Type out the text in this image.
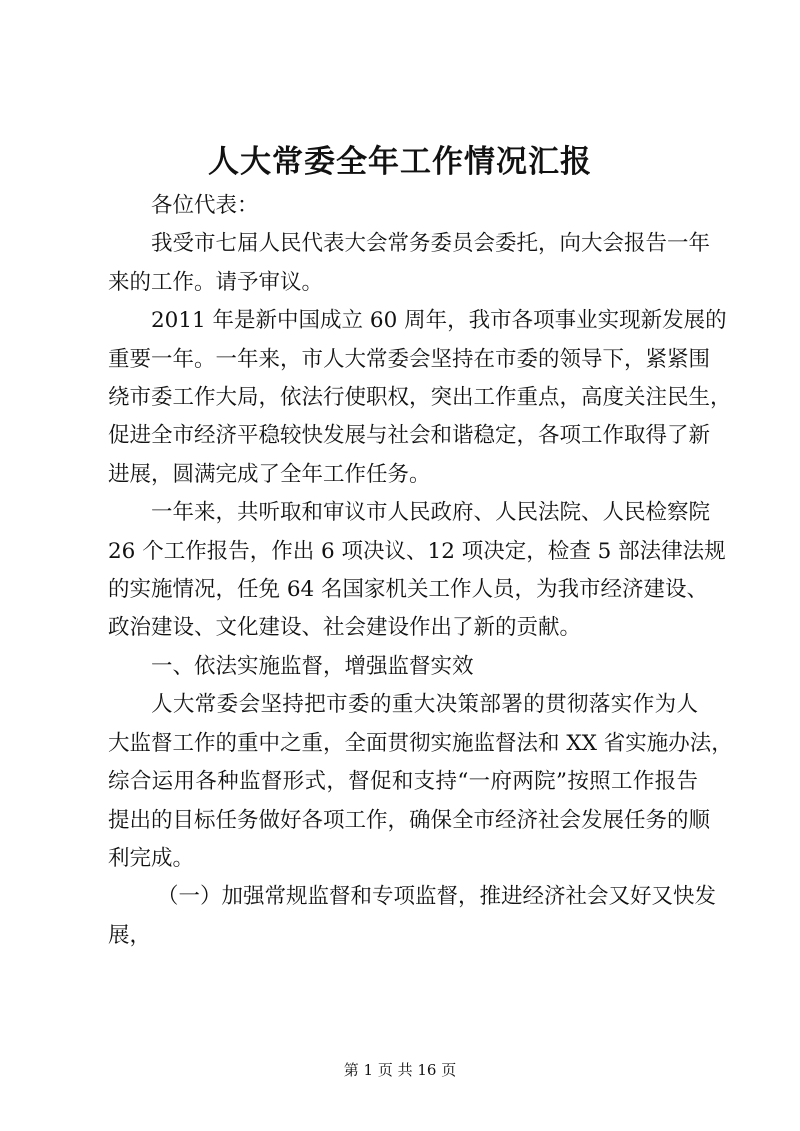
人大常委全年工作情况汇报
各位代表：
我受市七届人民代表大会常务委员会委托，向大会报告一年
来的工作。请予审议。
2011 年是新中国成立 60 周年，我市各项事业实现新发展的
重要一年。一年来，市人大常委会坚持在市委的领导下，紧紧围
绕市委工作大局，依法行使职权，突出工作重点，高度关注民生，
促进全市经济平稳较快发展与社会和谐稳定，各项工作取得了新
进展，圆满完成了全年工作任务。
一年来，共听取和审议市人民政府、人民法院、人民检察院
26 个工作报告，作出 6 项决议、12 项决定，检查 5 部法律法规
的实施情况，任免 64 名国家机关工作人员，为我市经济建设、
政治建设、文化建设、社会建设作出了新的贡献。
一、依法实施监督，增强监督实效
人大常委会坚持把市委的重大决策部署的贯彻落实作为人
大监督工作的重中之重，全面贯彻实施监督法和 XX 省实施办法，
综合运用各种监督形式，督促和支持“一府两院”按照工作报告
提出的目标任务做好各项工作，确保全市经济社会发展任务的顺
利完成。
（一）加强常规监督和专项监督，推进经济社会又好又快发
展，
第 1 页 共 16 页
